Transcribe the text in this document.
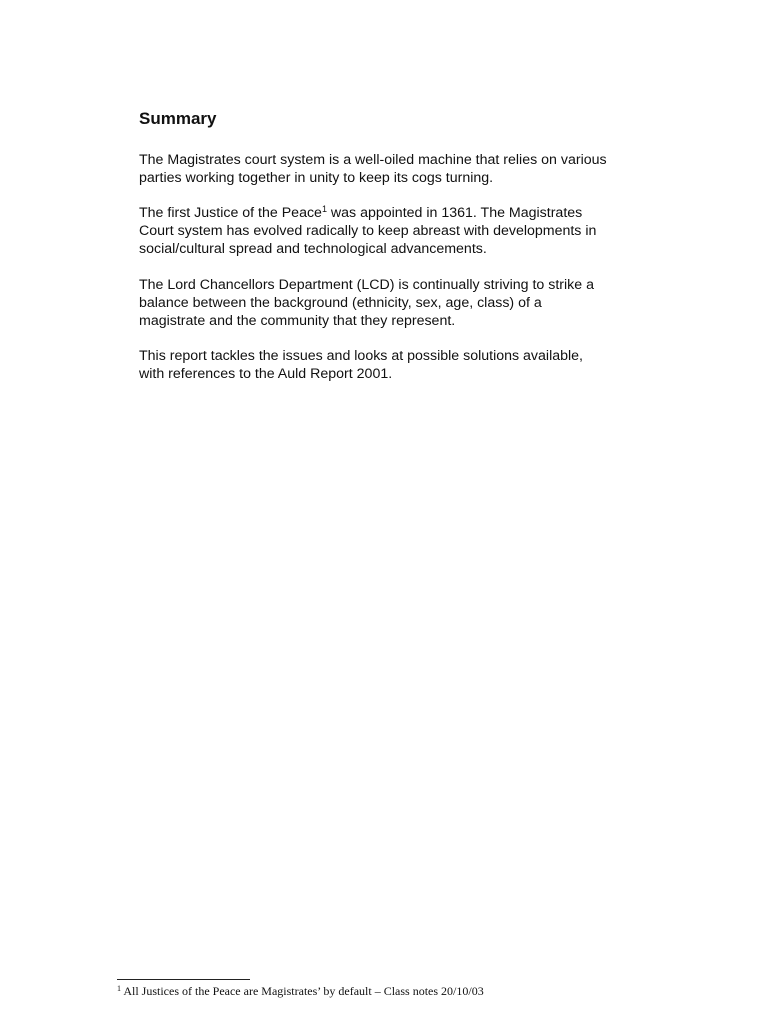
Summary

The Magistrates court system is a well-oiled machine that relies on various
parties working together in unity to keep its cogs turning.

The first Justice of the Peace$^1$ was appointed in 1361. The Magistrates
Court system has evolved radically to keep abreast with developments in
social/cultural spread and technological advancements.

The Lord Chancellors Department (LCD) is continually striving to strike a
balance between the background (ethnicity, sex, age, class) of a
magistrate and the community that they represent.

This report tackles the issues and looks at possible solutions available,
with references to the Auld Report 2001.

$^1$ All Justices of the Peace are Magistrates’ by default – Class notes 20/10/03
